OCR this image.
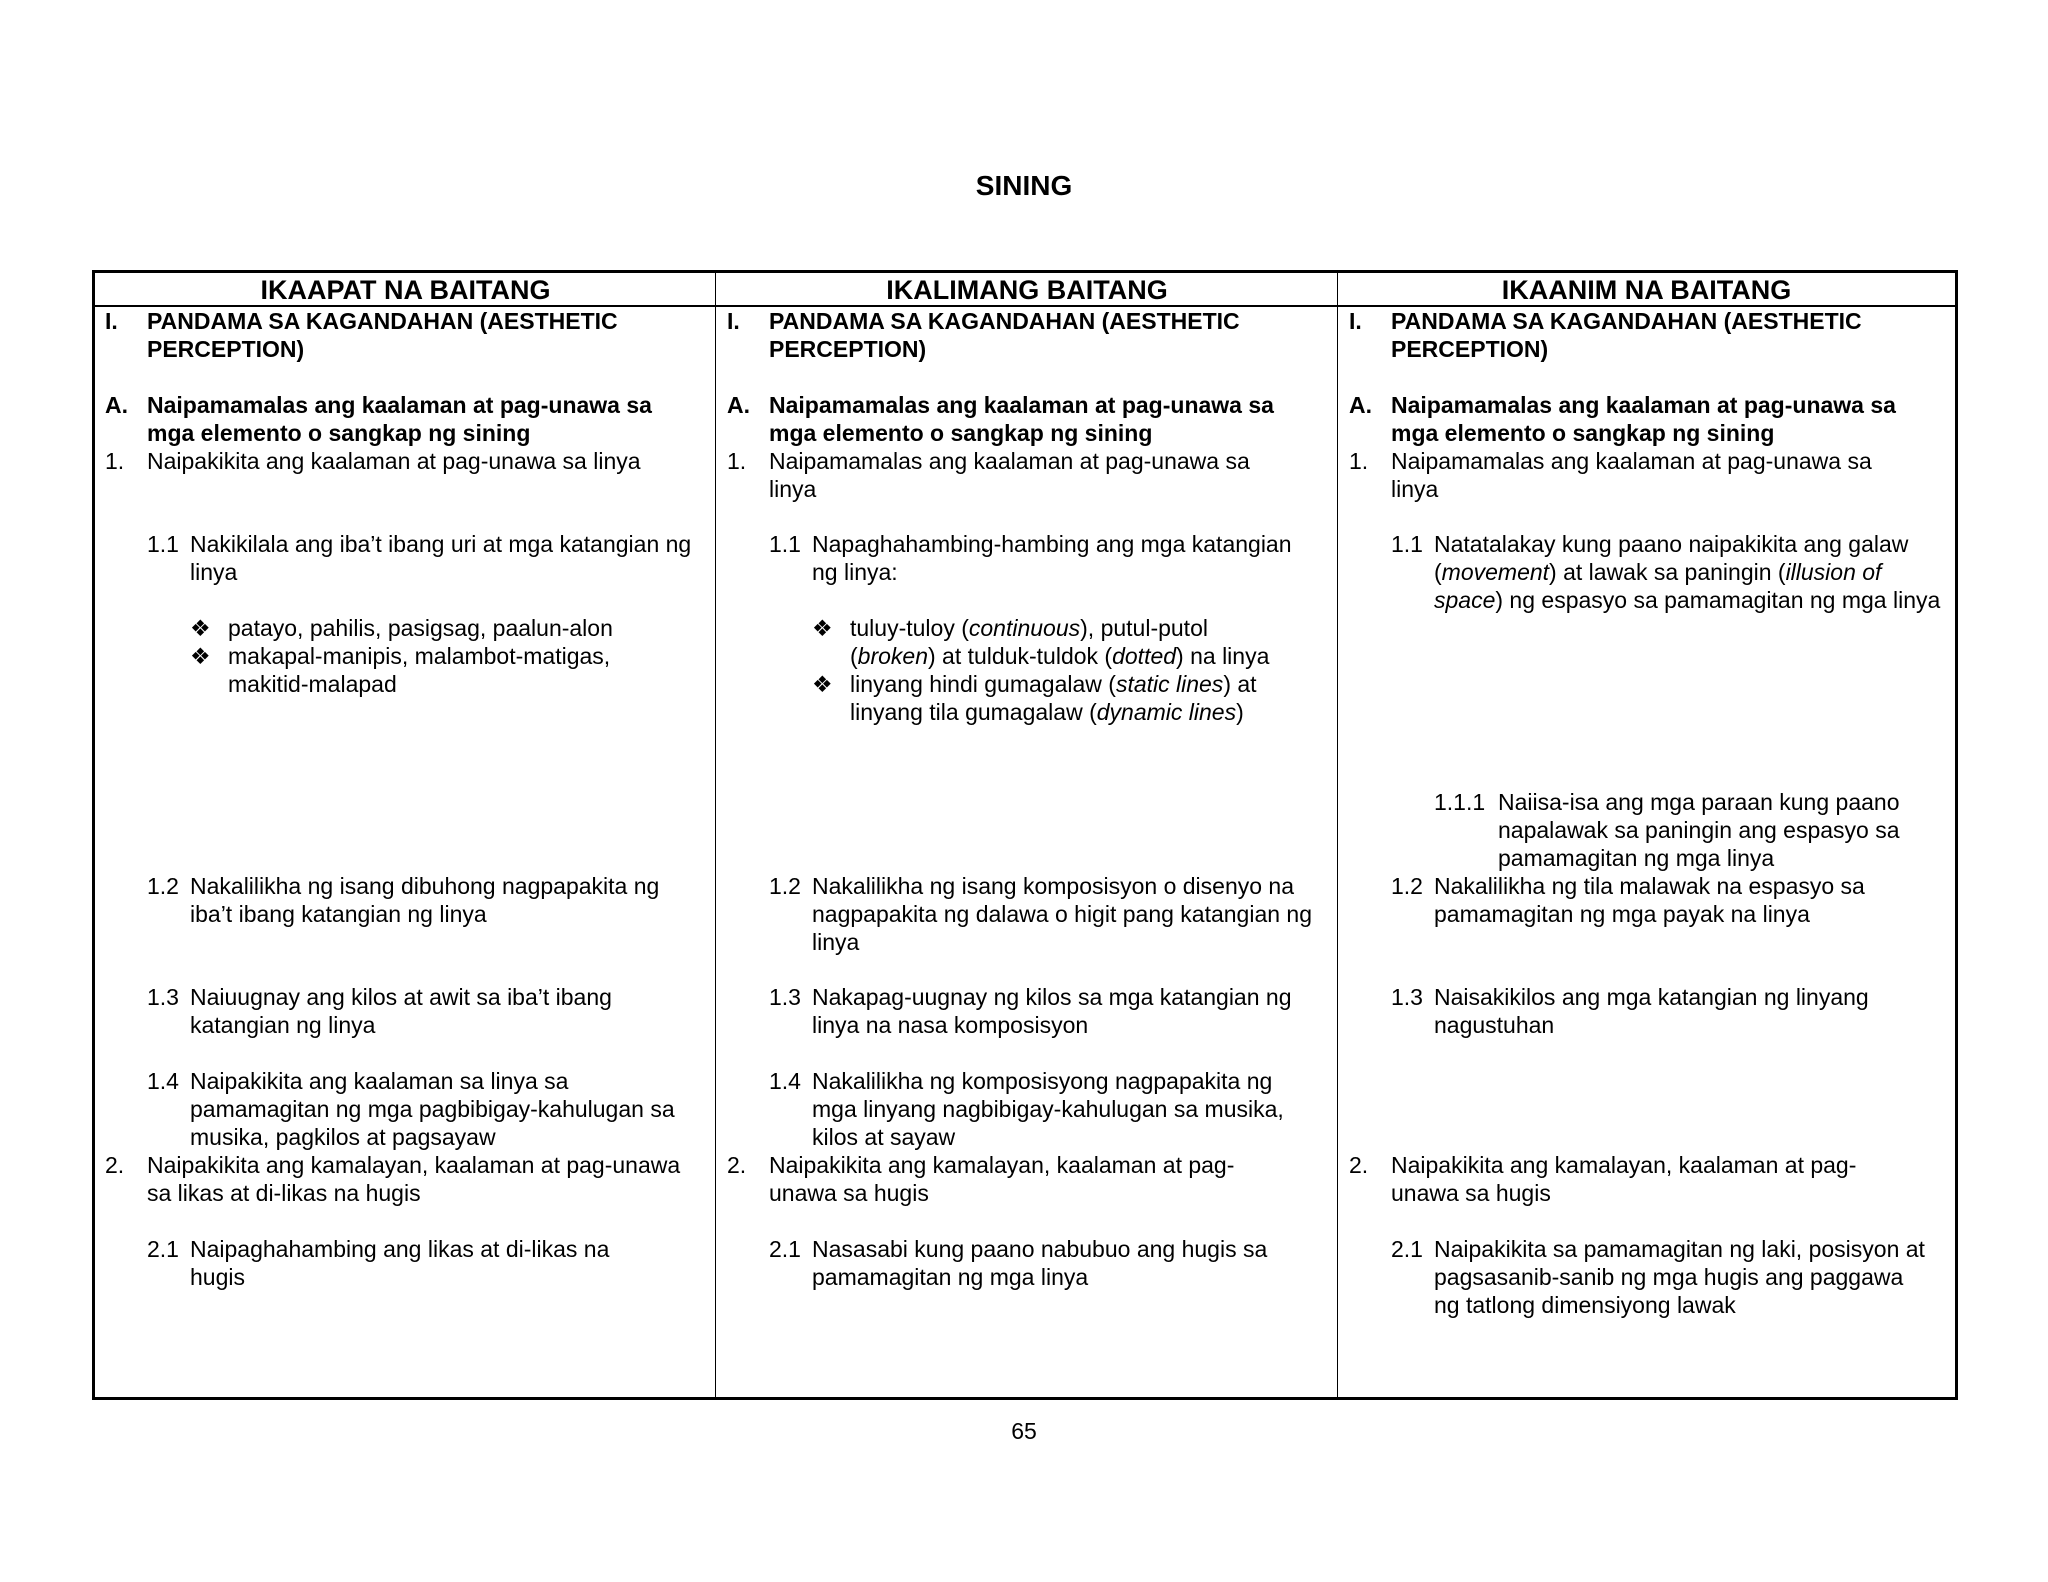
SINING
IKAAPAT NA BAITANG	IKALIMANG BAITANG	IKAANIM NA BAITANG
I. PANDAMA SA KAGANDAHAN (AESTHETIC PERCEPTION)
A. Naipamamalas ang kaalaman at pag-unawa sa mga elemento o sangkap ng sining
1. Naipakikita ang kaalaman at pag-unawa sa linya
1.1 Nakikilala ang iba’t ibang uri at mga katangian ng linya
❖ patayo, pahilis, pasigsag, paalun-alon
❖ makapal-manipis, malambot-matigas, makitid-malapad
1.2 Nakalilikha ng isang dibuhong nagpapakita ng iba’t ibang katangian ng linya
1.3 Naiuugnay ang kilos at awit sa iba’t ibang katangian ng linya
1.4 Naipakikita ang kaalaman sa linya sa pamamagitan ng mga pagbibigay-kahulugan sa musika, pagkilos at pagsayaw
2. Naipakikita ang kamalayan, kaalaman at pag-unawa sa likas at di-likas na hugis
2.1 Naipaghahambing ang likas at di-likas na hugis
I. PANDAMA SA KAGANDAHAN (AESTHETIC PERCEPTION)
A. Naipamamalas ang kaalaman at pag-unawa sa mga elemento o sangkap ng sining
1. Naipamamalas ang kaalaman at pag-unawa sa linya
1.1 Napaghahambing-hambing ang mga katangian ng linya:
❖ tuluy-tuloy (continuous), putul-putol (broken) at tulduk-tuldok (dotted) na linya
❖ linyang hindi gumagalaw (static lines) at linyang tila gumagalaw (dynamic lines)
1.2 Nakalilikha ng isang komposisyon o disenyo na nagpapakita ng dalawa o higit pang katangian ng linya
1.3 Nakapag-uugnay ng kilos sa mga katangian ng linya na nasa komposisyon
1.4 Nakalilikha ng komposisyong nagpapakita ng mga linyang nagbibigay-kahulugan sa musika, kilos at sayaw
2. Naipakikita ang kamalayan, kaalaman at pag-unawa sa hugis
2.1 Nasasabi kung paano nabubuo ang hugis sa pamamagitan ng mga linya
I. PANDAMA SA KAGANDAHAN (AESTHETIC PERCEPTION)
A. Naipamamalas ang kaalaman at pag-unawa sa mga elemento o sangkap ng sining
1. Naipamamalas ang kaalaman at pag-unawa sa linya
1.1 Natatalakay kung paano naipakikita ang galaw (movement) at lawak sa paningin (illusion of space) ng espasyo sa pamamagitan ng mga linya
1.1.1 Naiisa-isa ang mga paraan kung paano napalawak sa paningin ang espasyo sa pamamagitan ng mga linya
1.2 Nakalilikha ng tila malawak na espasyo sa pamamagitan ng mga payak na linya
1.3 Naisakikilos ang mga katangian ng linyang nagustuhan
2. Naipakikita ang kamalayan, kaalaman at pag-unawa sa hugis
2.1 Naipakikita sa pamamagitan ng laki, posisyon at pagsasanib-sanib ng mga hugis ang paggawa ng tatlong dimensiyong lawak
65
